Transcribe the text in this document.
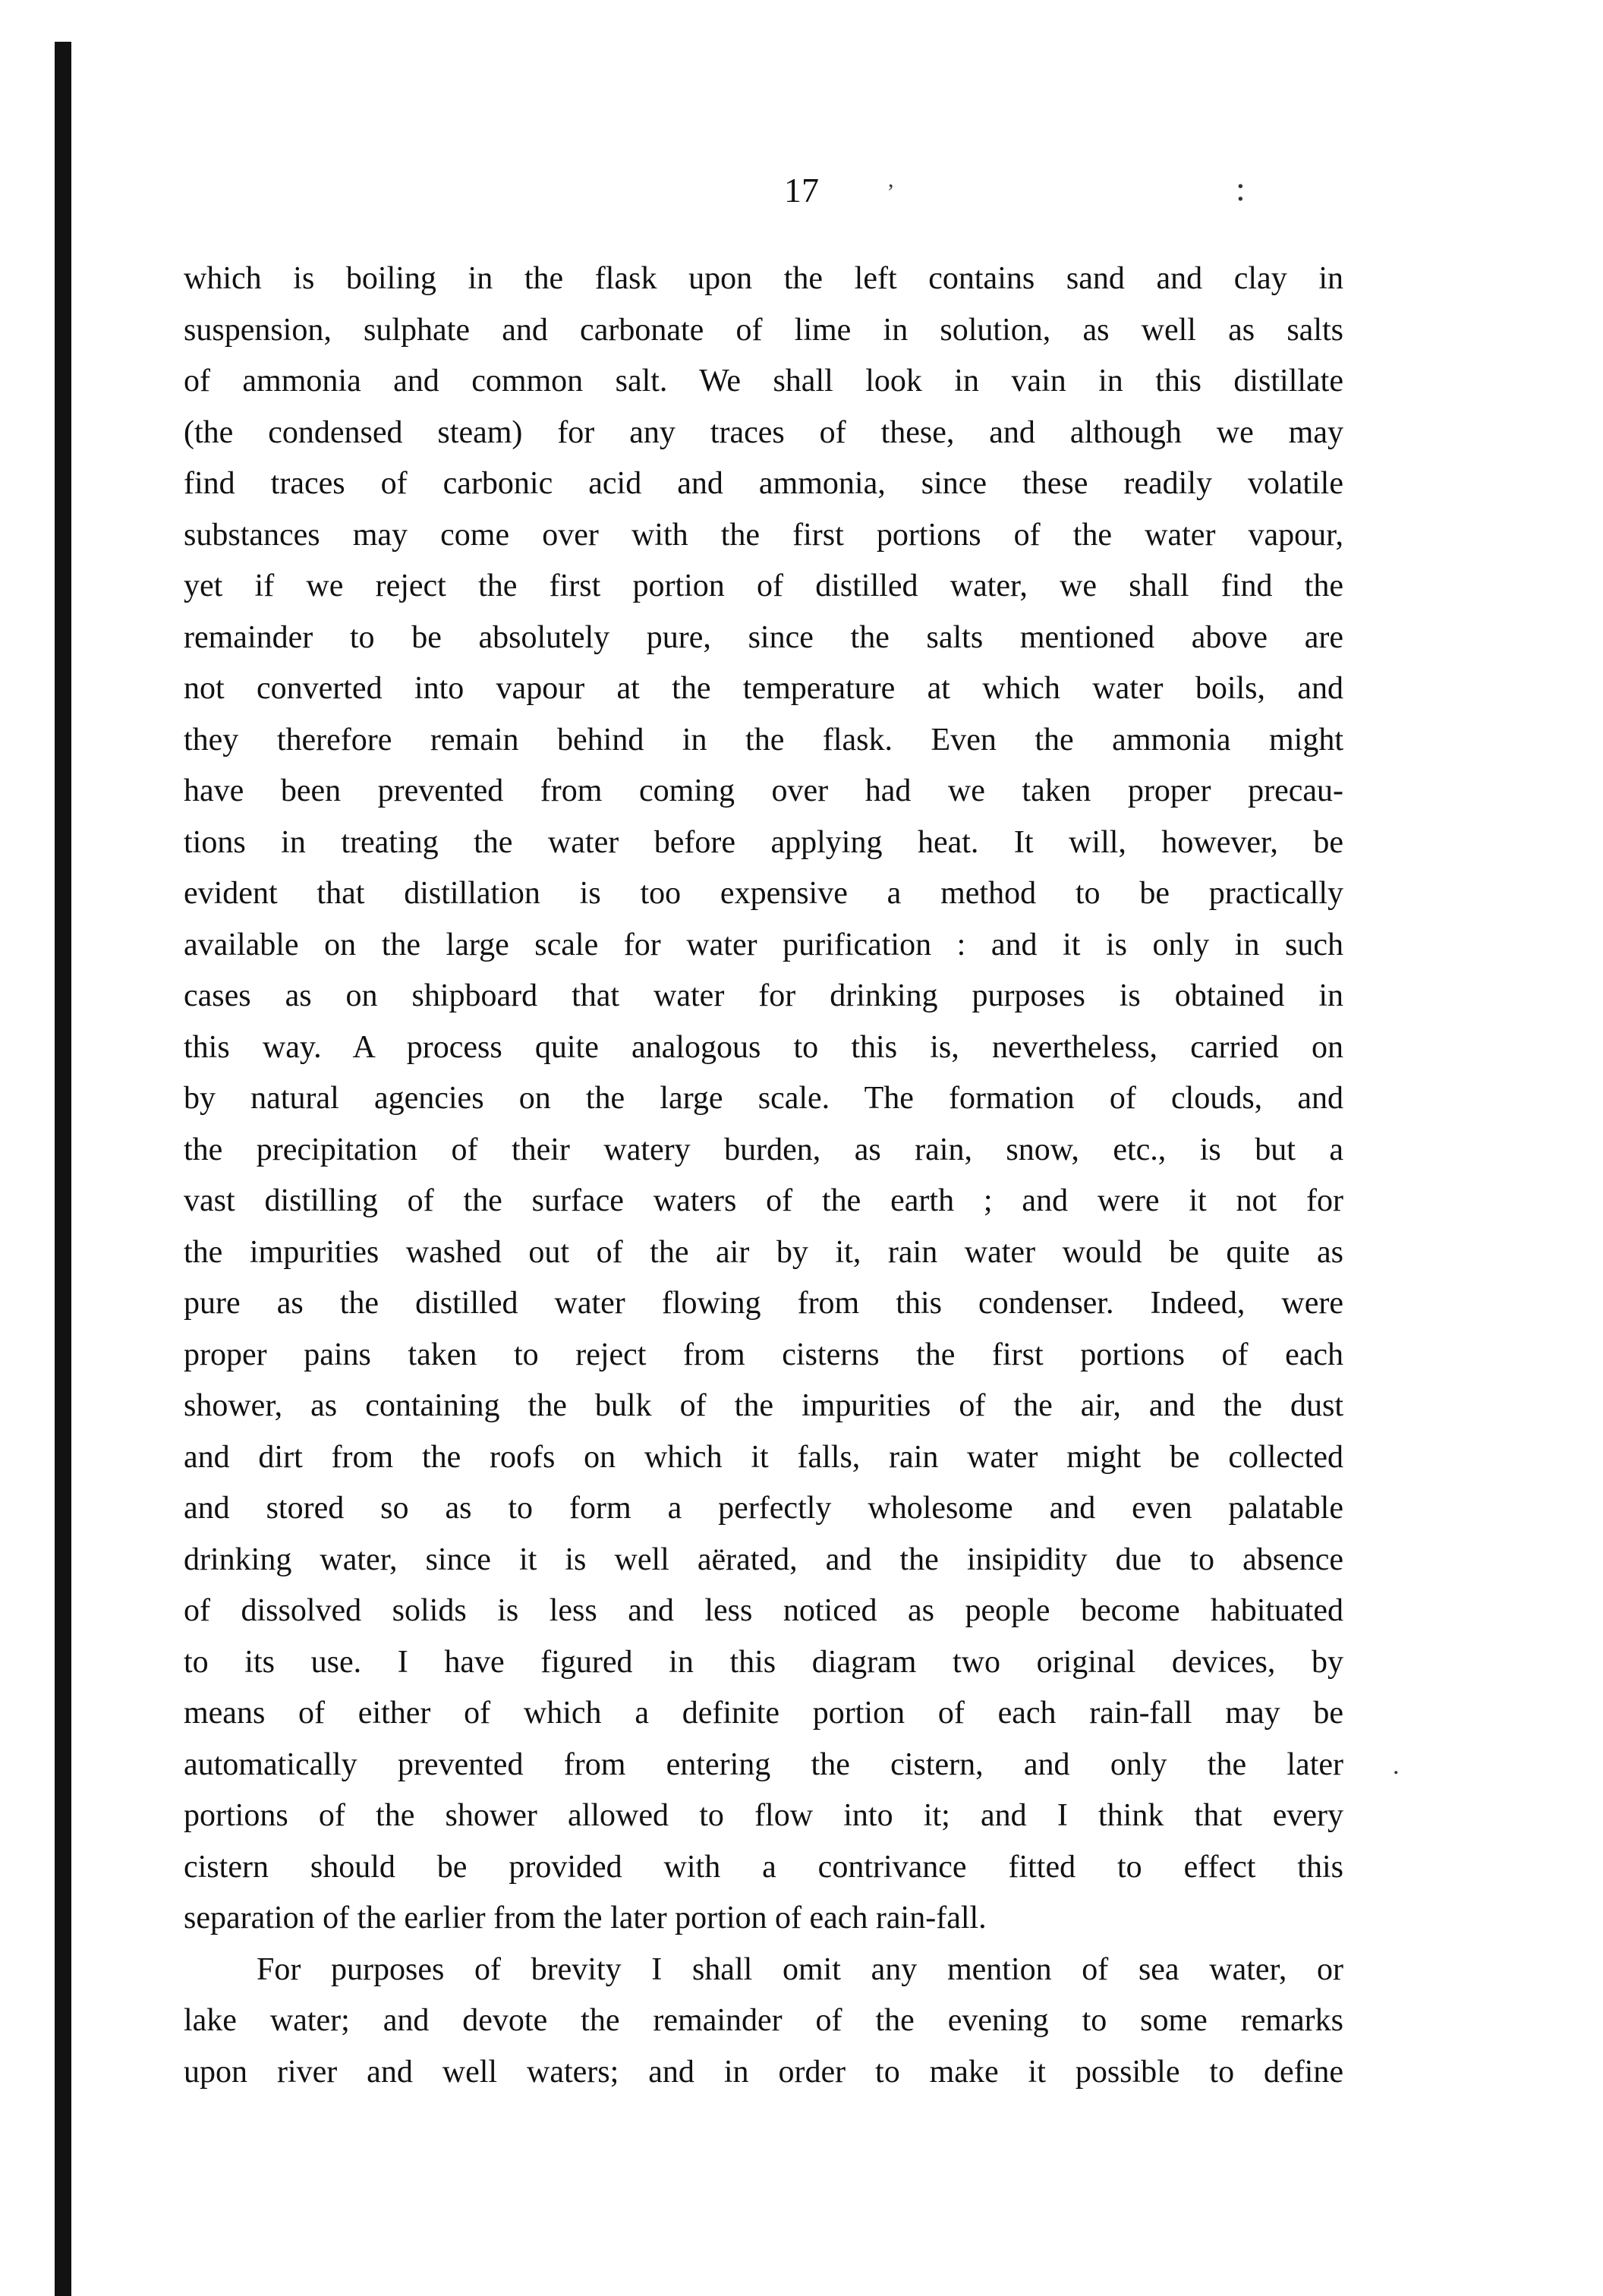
17	:
,
.
which is boiling in the flask upon the left contains sand and clay in
suspension, sulphate and carbonate of lime in solution, as well as salts
of ammonia and common salt. We shall look in vain in this distillate
(the condensed steam) for any traces of these, and although we may
find traces of carbonic acid and ammonia, since these readily volatile
substances may come over with the first portions of the water vapour,
yet if we reject the first portion of distilled water, we shall find the
remainder to be absolutely pure, since the salts mentioned above are
not converted into vapour at the temperature at which water boils, and
they therefore remain behind in the flask. Even the ammonia might
have been prevented from coming over had we taken proper precau-
tions in treating the water before applying heat. It will, however, be
evident that distillation is too expensive a method to be practically
available on the large scale for water purification : and it is only in such
cases as on shipboard that water for drinking purposes is obtained in
this way. A process quite analogous to this is, nevertheless, carried on
by natural agencies on the large scale. The formation of clouds, and
the precipitation of their watery burden, as rain, snow, etc., is but a
vast distilling of the surface waters of the earth ; and were it not for
the impurities washed out of the air by it, rain water would be quite as
pure as the distilled water flowing from this condenser. Indeed, were
proper pains taken to reject from cisterns the first portions of each
shower, as containing the bulk of the impurities of the air, and the dust
and dirt from the roofs on which it falls, rain water might be collected
and stored so as to form a perfectly wholesome and even palatable
drinking water, since it is well aërated, and the insipidity due to absence
of dissolved solids is less and less noticed as people become habituated
to its use. I have figured in this diagram two original devices, by
means of either of which a definite portion of each rain-fall may be
automatically prevented from entering the cistern, and only the later
portions of the shower allowed to flow into it; and I think that every
cistern should be provided with a contrivance fitted to effect this
separation of the earlier from the later portion of each rain-fall.
For purposes of brevity I shall omit any mention of sea water, or
lake water; and devote the remainder of the evening to some remarks
upon river and well waters; and in order to make it possible to define
